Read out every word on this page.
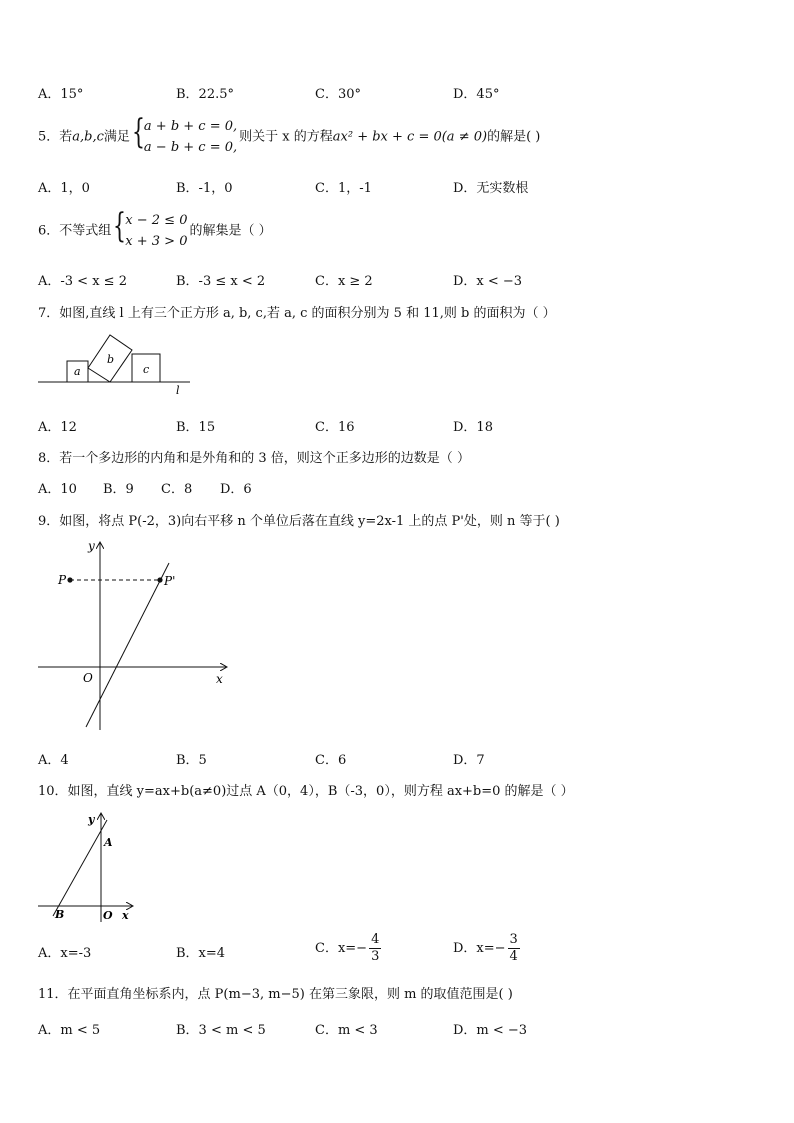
A．15°	B．22.5°	C．30°	D．45°
5．若a,b,c满足 { a + b + c = 0,
a − b + c = 0,
则关于 x 的方程ax² + bx + c = 0(a ≠ 0)的解是( )
A．1，0	B．-1，0	C．1，-1	D．无实数根
6．不等式组 { x − 2 ≤ 0
x + 3 > 0
的解集是（ ）
A．-3 < x ≤ 2	B．-3 ≤ x < 2	C．x ≥ 2	D．x < −3
7．如图,直线 l 上有三个正方形 a, b, c,若 a, c 的面积分别为 5 和 11,则 b 的面积为（ ）
a
b
c
l
A．12	B．15	C．16	D．18
8．若一个多边形的内角和是外角和的 3 倍，则这个正多边形的边数是（ ）
A．10 B．9 C．8 D．6
9．如图，将点 P(-2，3)向右平移 n 个单位后落在直线 y=2x-1 上的点 P'处，则 n 等于( )
P	P'
y
x
O
A．4	B．5	C．6	D．7
10．如图，直线 y=ax+b(a≠0)过点 A（0，4），B（-3，0），则方程 ax+b=0 的解是（ ）
y
x
A
B	O
A．x=-3	B．x=4	C．$x=- \frac{4}{3}$	D．$x=- \frac{3}{4}$
11．在平面直角坐标系内，点 P(m−3, m−5) 在第三象限，则 m 的取值范围是( )
A．m < 5	B．3 < m < 5	C．m < 3	D．m < −3
